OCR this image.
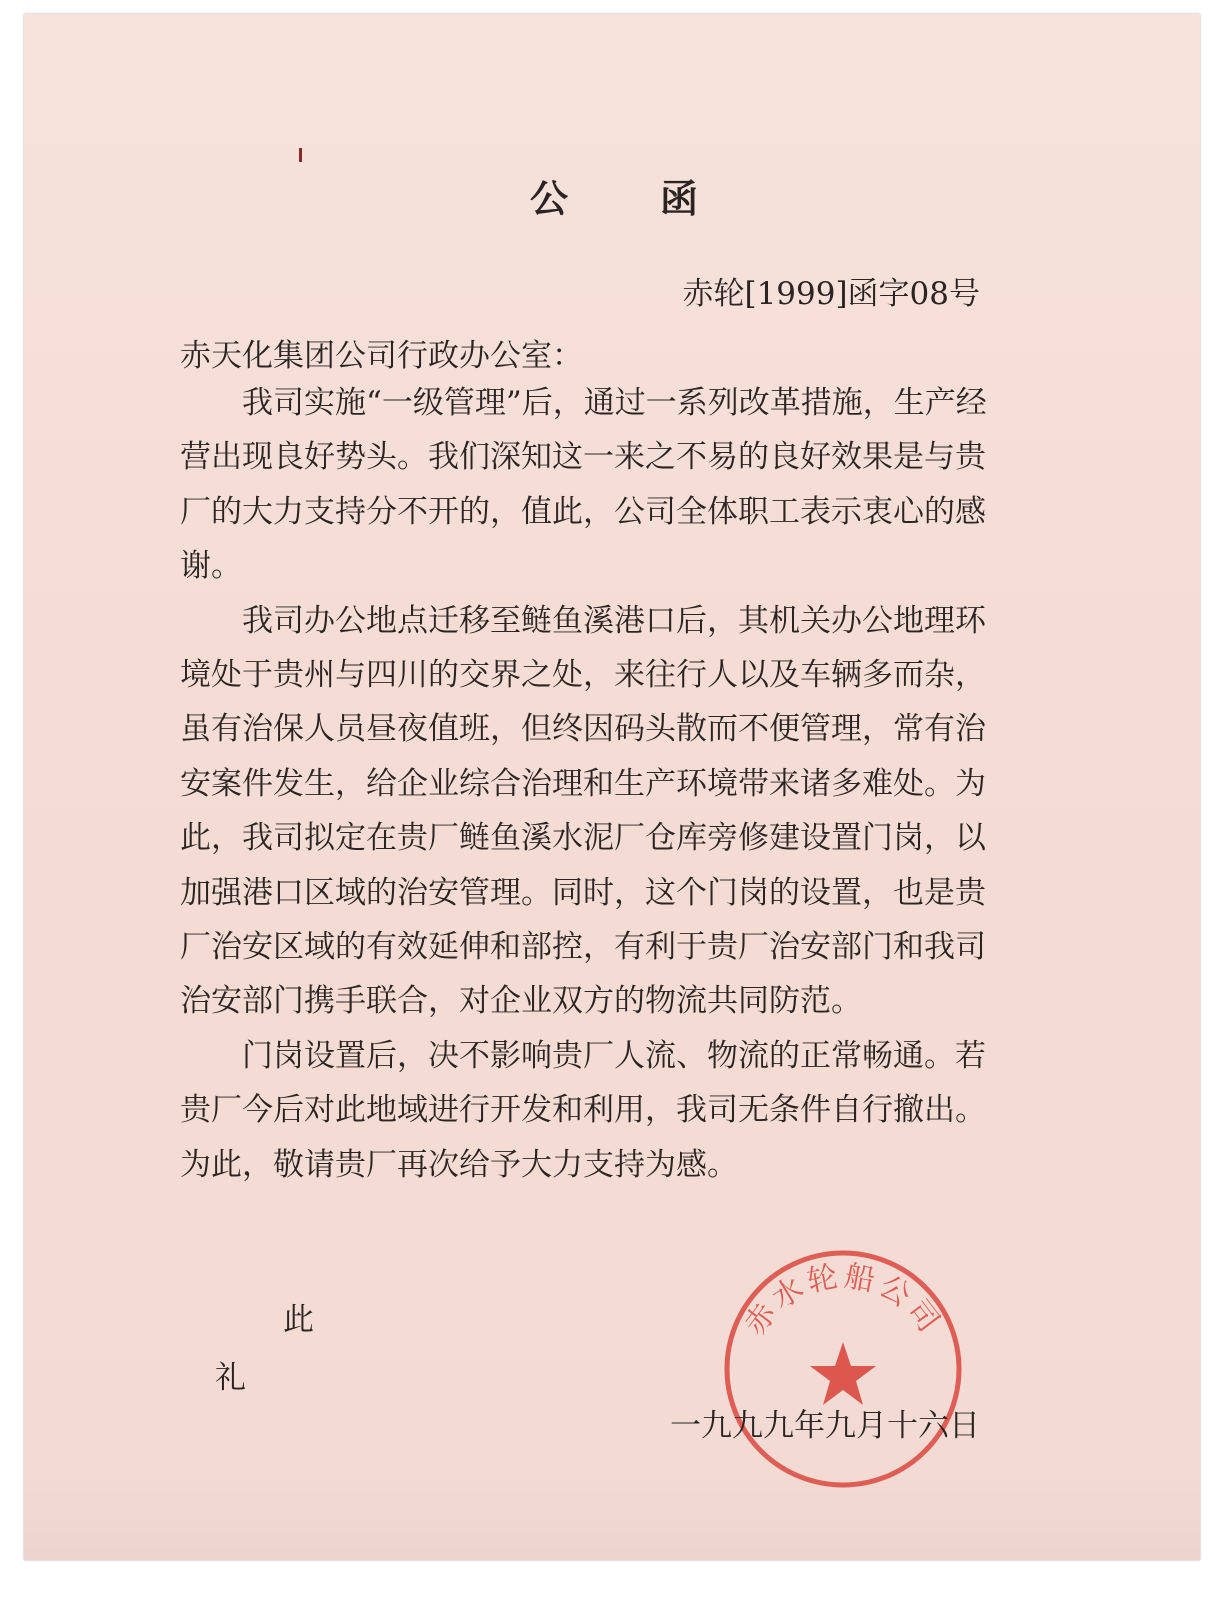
公 函
赤轮[1999]函字08号
赤天化集团公司行政办公室：

我司实施“一级管理”后，通过一系列改革措施，生产经营出现良好势头。我们深知这一来之不易的良好效果是与贵厂的大力支持分不开的，值此，公司全体职工表示衷心的感谢。

我司办公地点迁移至鲢鱼溪港口后，其机关办公地理环境处于贵州与四川的交界之处，来往行人以及车辆多而杂，虽有治保人员昼夜值班，但终因码头散而不便管理，常有治安案件发生，给企业综合治理和生产环境带来诸多难处。为此，我司拟定在贵厂鲢鱼溪水泥厂仓库旁修建设置门岗，以加强港口区域的治安管理。同时，这个门岗的设置，也是贵厂治安区域的有效延伸和部控，有利于贵厂治安部门和我司治安部门携手联合，对企业双方的物流共同防范。

门岗设置后，决不影响贵厂人流、物流的正常畅通。若贵厂今后对此地域进行开发和利用，我司无条件自行撤出。为此，敬请贵厂再次给予大力支持为感。

此
礼
赤水轮船公司
一九九九年九月十六日
